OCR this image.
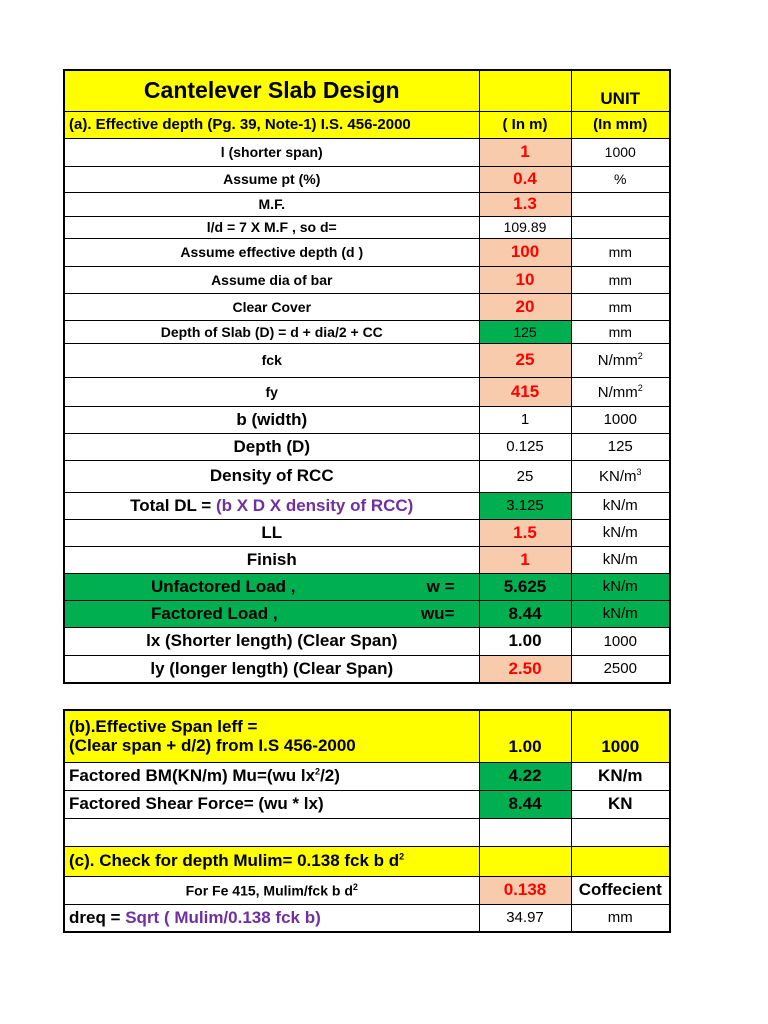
Cantelever Slab Design		UNIT
(a). Effective depth (Pg. 39, Note-1) I.S. 456-2000	( In m)	(In mm)
l (shorter span)	1	1000
Assume pt (%)	0.4	%
M.F.	1.3	
l/d = 7 X M.F , so d=	109.89	
Assume effective depth (d )	100	mm
Assume dia of bar	10	mm
Clear Cover	20	mm
Depth of Slab (D) = d + dia/2 + CC	125	mm
fck	25	$N/mm^2$
fy	415	$N/mm^2$
b (width)	1	1000
Depth (D)	0.125	125
Density of RCC	25	$KN/m^3$
Total DL = (b X D X density of RCC)	3.125	kN/m
LL	1.5	kN/m
Finish	1	kN/m

Unfactored Load , w =	5.625	kN/m

Factored Load , wu=	8.44	kN/m
lx (Shorter length) (Clear Span)	1.00	1000
ly (longer length) (Clear Span)	2.50	2500
(b).Effective Span leff =
(Clear span + d/2) from I.S 456-2000	1.00	1000
Factored BM(KN/m) Mu=(wu $lx^2/2$)	4.22	KN/m
Factored Shear Force= (wu * lx)	8.44	KN

(c). Check for depth Mulim= 0.138 fck b $d^2$		
For Fe 415, Mulim/fck b $d^2$	0.138	Coffecient
dreq = Sqrt ( Mulim/0.138 fck b)	34.97	mm
